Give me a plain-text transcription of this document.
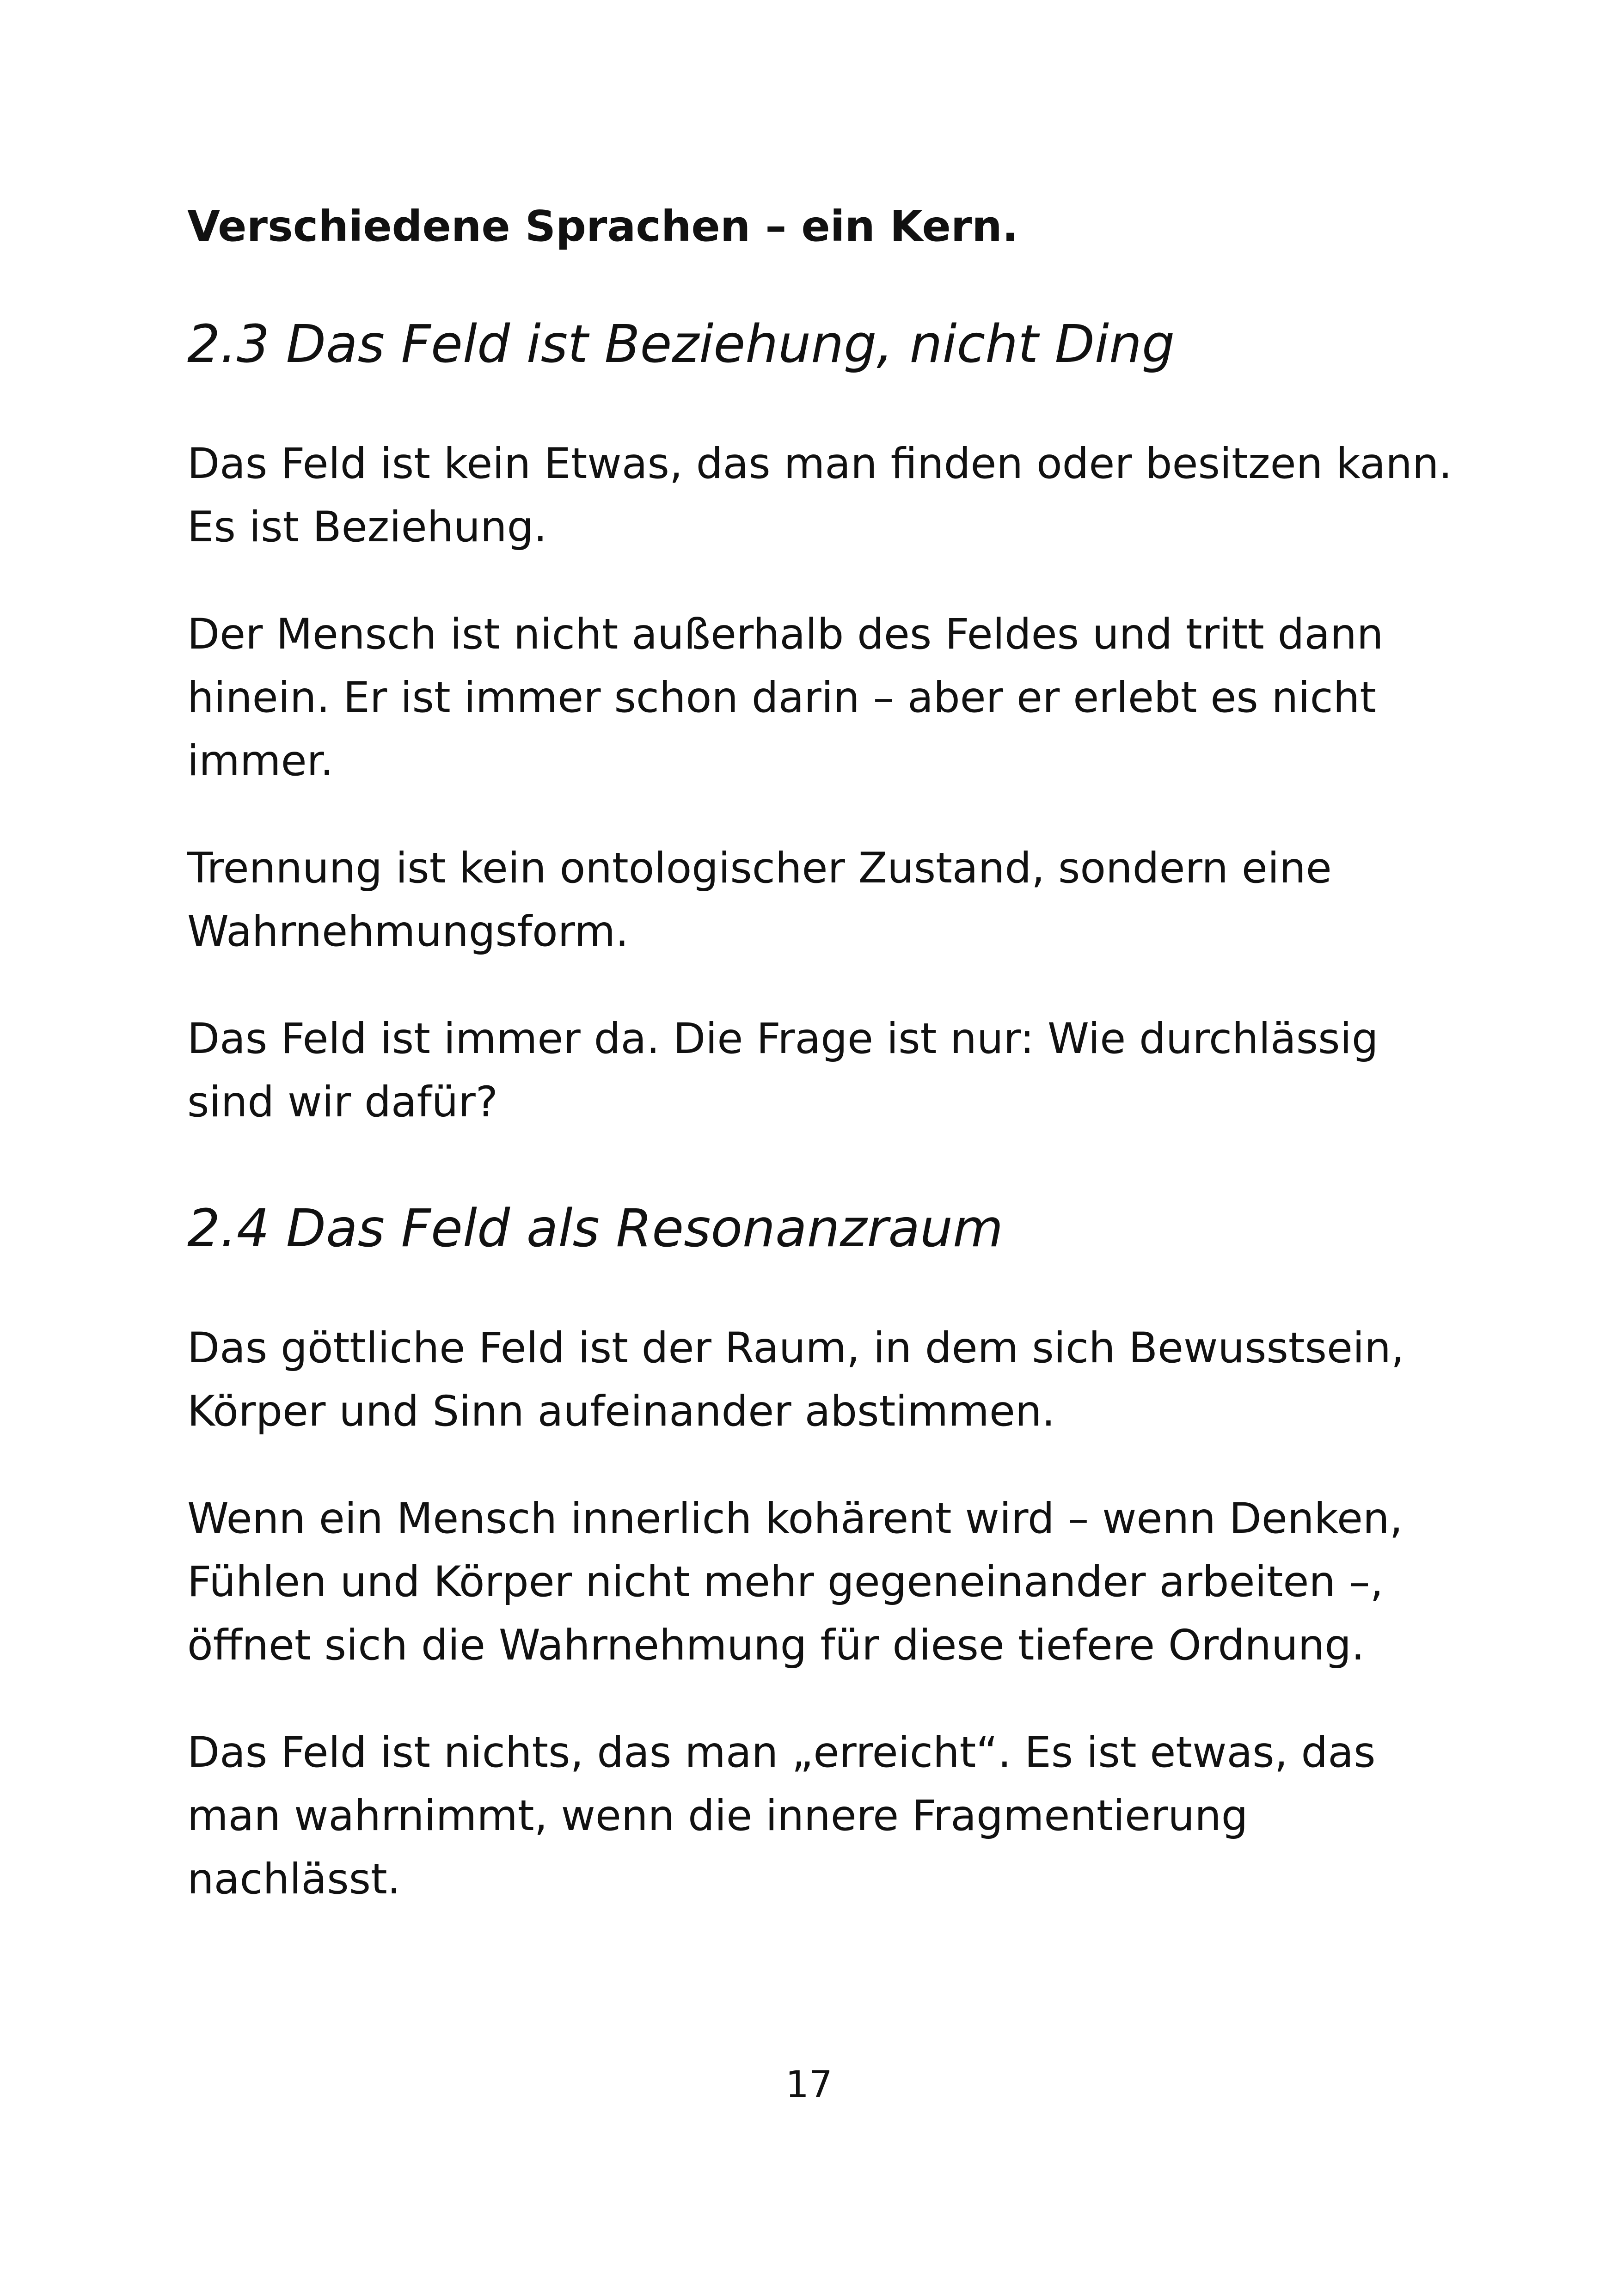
Verschiedene Sprachen – ein Kern.

2.3 Das Feld ist Beziehung, nicht Ding

Das Feld ist kein Etwas, das man finden oder besitzen kann. Es ist Beziehung.

Der Mensch ist nicht außerhalb des Feldes und tritt dann hinein. Er ist immer schon darin – aber er erlebt es nicht immer.

Trennung ist kein ontologischer Zustand, sondern eine Wahrnehmungsform.

Das Feld ist immer da. Die Frage ist nur: Wie durchlässig sind wir dafür?

2.4 Das Feld als Resonanzraum

Das göttliche Feld ist der Raum, in dem sich Bewusstsein, Körper und Sinn aufeinander abstimmen.

Wenn ein Mensch innerlich kohärent wird – wenn Denken, Fühlen und Körper nicht mehr gegeneinander arbeiten –, öffnet sich die Wahrnehmung für diese tiefere Ordnung.

Das Feld ist nichts, das man „erreicht“. Es ist etwas, das man wahrnimmt, wenn die innere Fragmentierung nachlässt.

17
